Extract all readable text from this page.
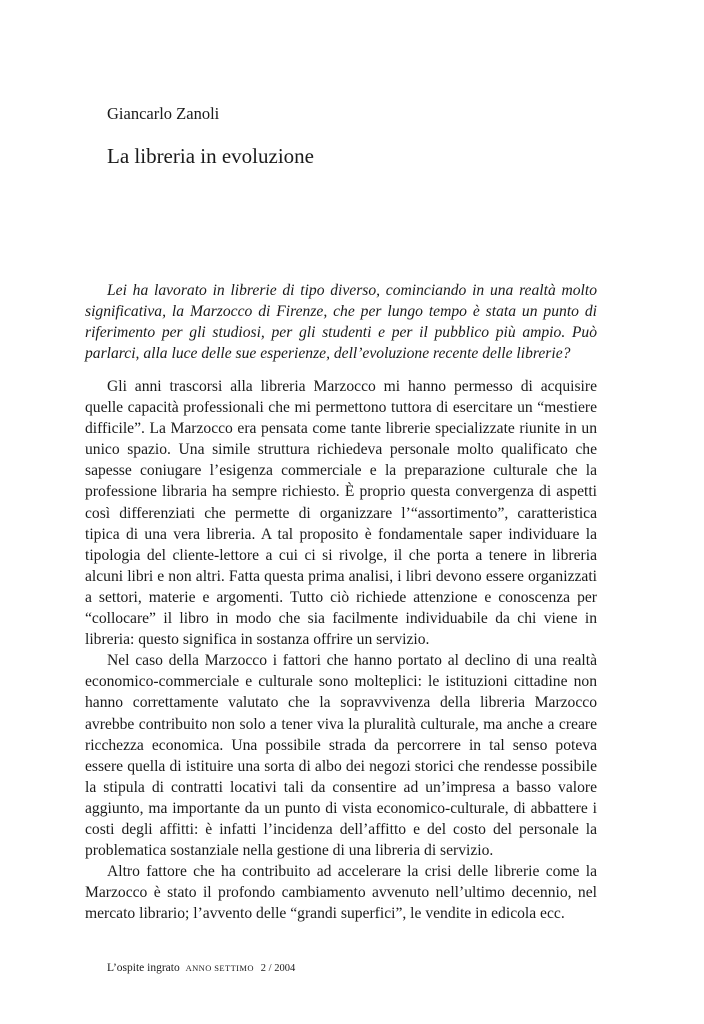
Giancarlo Zanoli
La libreria in evoluzione

Lei ha lavorato in librerie di tipo diverso, cominciando in una realtà molto significativa, la Marzocco di Firenze, che per lungo tempo è stata un punto di riferimento per gli studiosi, per gli studenti e per il pubblico più ampio. Può parlarci, alla luce delle sue esperienze, dell’evoluzione recente delle librerie?

Gli anni trascorsi alla libreria Marzocco mi hanno permesso di acquisire quelle capacità professionali che mi permettono tuttora di esercitare un “mestiere difficile”. La Marzocco era pensata come tante librerie specializzate riunite in un unico spazio. Una simile struttura richiedeva personale molto qualificato che sapesse coniugare l’esigenza commerciale e la preparazione culturale che la professione libraria ha sempre richiesto. È proprio questa convergenza di aspetti così differenziati che permette di organizzare l’“assortimento”, caratteristica tipica di una vera libreria. A tal proposito è fondamentale saper individuare la tipologia del cliente-lettore a cui ci si rivolge, il che porta a tenere in libreria alcuni libri e non altri. Fatta questa prima analisi, i libri devono essere organizzati a settori, materie e argomenti. Tutto ciò richiede attenzione e conoscenza per “collocare” il libro in modo che sia facilmente individuabile da chi viene in libreria: questo significa in sostanza offrire un servizio.

Nel caso della Marzocco i fattori che hanno portato al declino di una realtà economico-commerciale e culturale sono molteplici: le istituzioni cittadine non hanno correttamente valutato che la sopravvivenza della libreria Marzocco avrebbe contribuito non solo a tener viva la pluralità culturale, ma anche a creare ricchezza economica. Una possibile strada da percorrere in tal senso poteva essere quella di istituire una sorta di albo dei negozi storici che rendesse possibile la stipula di contratti locativi tali da consentire ad un’impresa a basso valore aggiunto, ma importante da un punto di vista economico-culturale, di abbattere i costi degli affitti: è infatti l’incidenza dell’affitto e del costo del personale la problematica sostanziale nella gestione di una libreria di servizio.

Altro fattore che ha contribuito ad accelerare la crisi delle librerie come la Marzocco è stato il profondo cambiamento avvenuto nell’ultimo decennio, nel mercato librario; l’avvento delle “grandi superfici”, le vendite in edicola ecc.

L’ospite ingrato ANNO SETTIMO 2 / 2004
